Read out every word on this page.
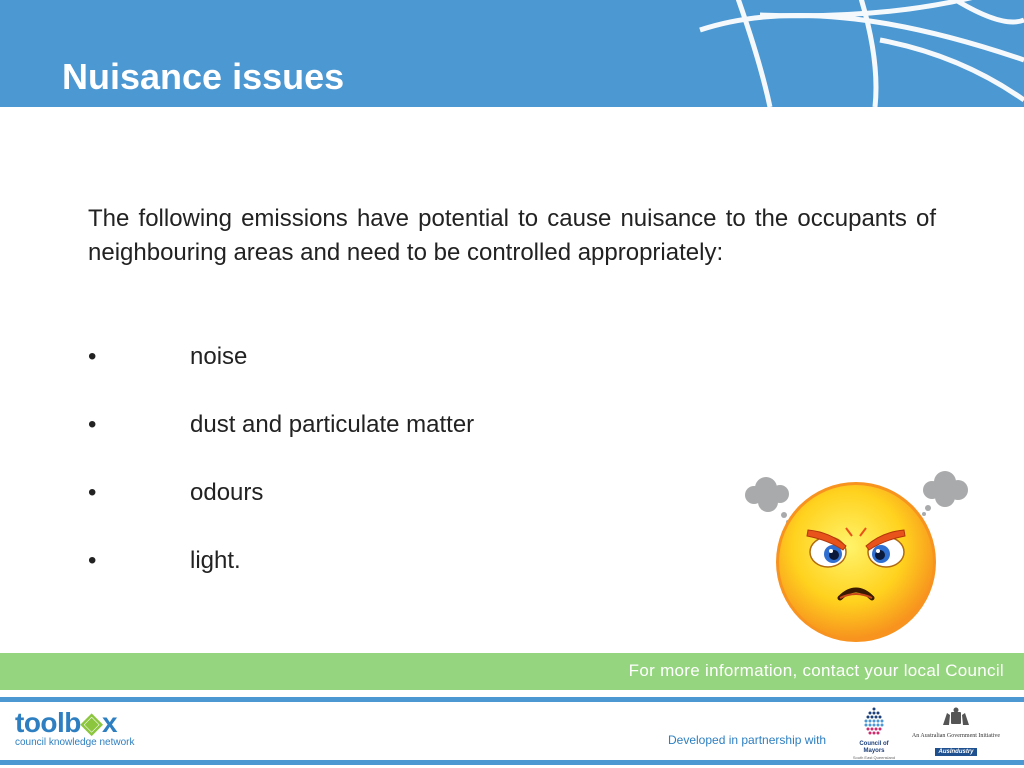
Nuisance issues

The following emissions have potential to cause nuisance to the occupants of neighbouring areas and need to be controlled appropriately:

•	noise
•	dust and particulate matter
•	odours
•	light.
For more information, contact your local Council
toolb◈x
council knowledge network	Developed in partnership with	Council of Mayors
South East Queensland
An Australian Government Initiative
AusIndustry
